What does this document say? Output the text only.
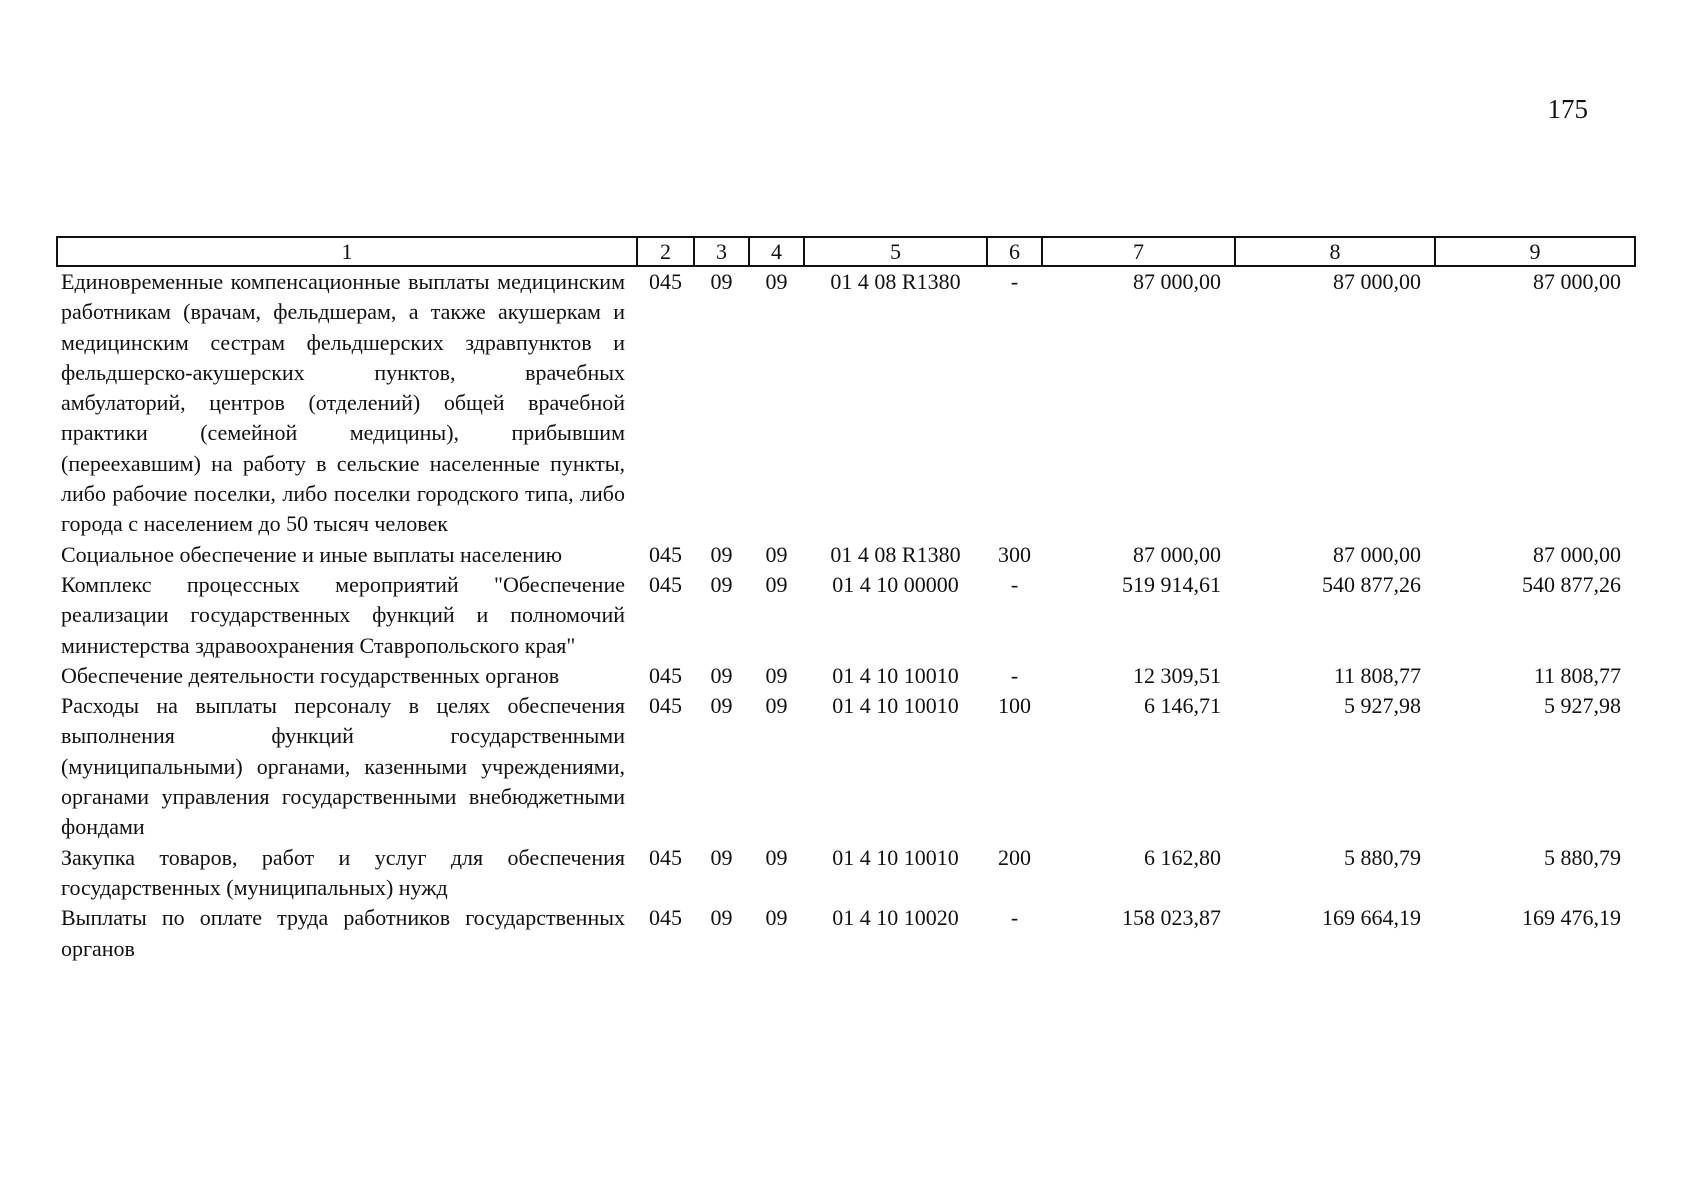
175
1	2	3	4	5	6	7	8	9
Единовременные компенсационные выплаты медицинским работникам (врачам, фельдшерам, а также акушеркам и медицинским сестрам фельдшерских здравпунктов и фельдшерско-акушерских пунктов, врачебных амбулаторий, центров (отделений) общей врачебной практики (семейной медицины), прибывшим (переехавшим) на работу в сельские населенные пункты, либо рабочие поселки, либо поселки городского типа, либо города с населением до 50 тысяч человек	045	09	09	01 4 08 R1380	-	87 000,00	87 000,00	87 000,00
Социальное обеспечение и иные выплаты населению	045	09	09	01 4 08 R1380	300	87 000,00	87 000,00	87 000,00
Комплекс процессных мероприятий "Обеспечение реализации государственных функций и полномочий министерства здравоохранения Ставропольского края"	045	09	09	01 4 10 00000	-	519 914,61	540 877,26	540 877,26
Обеспечение деятельности государственных органов	045	09	09	01 4 10 10010	-	12 309,51	11 808,77	11 808,77
Расходы на выплаты персоналу в целях обеспечения выполнения функций государственными (муниципальными) органами, казенными учреждениями, органами управления государственными внебюджетными фондами	045	09	09	01 4 10 10010	100	6 146,71	5 927,98	5 927,98
Закупка товаров, работ и услуг для обеспечения государственных (муниципальных) нужд	045	09	09	01 4 10 10010	200	6 162,80	5 880,79	5 880,79
Выплаты по оплате труда работников государственных органов	045	09	09	01 4 10 10020	-	158 023,87	169 664,19	169 476,19
